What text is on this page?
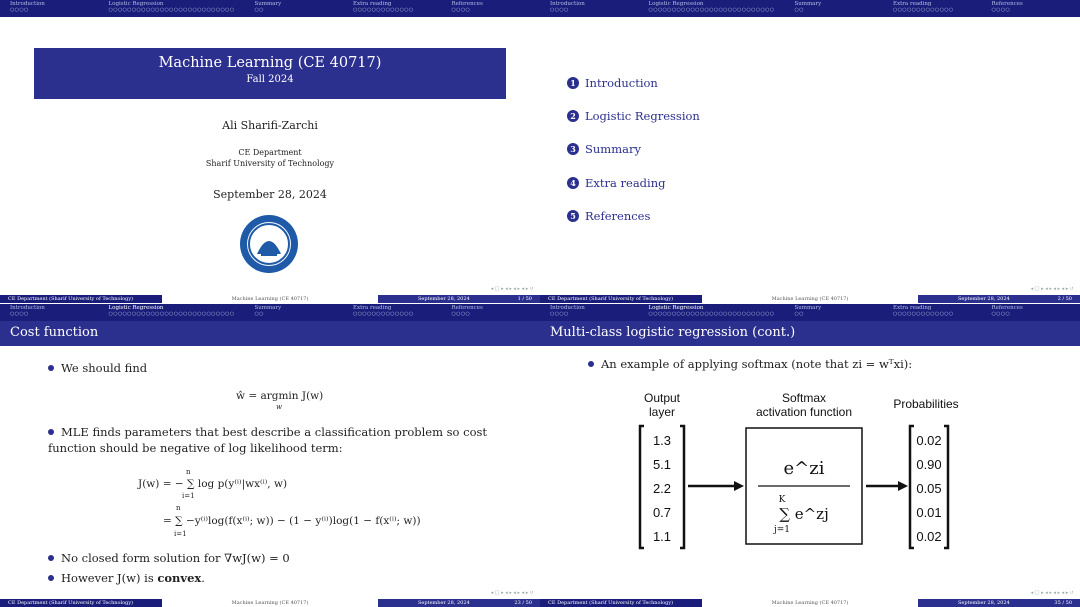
Introduction
○○○○
Logistic Regression
○○○○○○○○○○○○○○○○○○○○○○○○○○○
Summary
○○
Extra reading
○○○○○○○○○○○○○
References
○○○○
Machine Learning (CE 40717)
Fall 2024
Ali Sharifi-Zarchi
CE Department
Sharif University of Technology
September 28, 2024
◂ □ ▸ ◂ ▸ ◂ ▸ ◂ ▸ ↺
CE Department (Sharif University of Technology)	Machine Learning (CE 40717)	September 28, 2024	1 / 50
Introduction
○○○○
Logistic Regression
○○○○○○○○○○○○○○○○○○○○○○○○○○○
Summary
○○
Extra reading
○○○○○○○○○○○○○
References
○○○○
1 Introduction
2 Logistic Regression
3 Summary
4 Extra reading
5 References
◂ □ ▸ ◂ ▸ ◂ ▸ ◂ ▸ ↺
CE Department (Sharif University of Technology)	Machine Learning (CE 40717)	September 28, 2024	2 / 50
Introduction
○○○○
Logistic Regression
○○○○○○○○○○○○○○○○○○○○○○○○○○○
Summary
○○
Extra reading
○○○○○○○○○○○○○
References
○○○○
Cost function
We should find
ŵ = argmin J(w)
w
MLE finds parameters that best describe a classification problem so cost function should be negative of log likelihood term:
n
J(w) = − ∑ log p(y⁽ⁱ⁾|wx⁽ⁱ⁾, w)
i=1
n
= ∑ −y⁽ⁱ⁾log(f(x⁽ⁱ⁾; w)) − (1 − y⁽ⁱ⁾)log(1 − f(x⁽ⁱ⁾; w))
i=1
No closed form solution for ∇wJ(w) = 0
However J(w) is convex.
◂ □ ▸ ◂ ▸ ◂ ▸ ◂ ▸ ↺
CE Department (Sharif University of Technology)	Machine Learning (CE 40717)	September 28, 2024	23 / 50
Introduction
○○○○
Logistic Regression
○○○○○○○○○○○○○○○○○○○○○○○○○○○
Summary
○○
Extra reading
○○○○○○○○○○○○○
References
○○○○
Multi-class logistic regression (cont.)
An example of applying softmax (note that zi = wᵀxi):
Output
layer
Softmax
activation function
Probabilities
1.3
5.1
2.2
0.7
1.1
e^zi
∑ e^zj
K
j=1
0.02
0.90
0.05
0.01
0.02
◂ □ ▸ ◂ ▸ ◂ ▸ ◂ ▸ ↺
CE Department (Sharif University of Technology)	Machine Learning (CE 40717)	September 28, 2024	35 / 50
